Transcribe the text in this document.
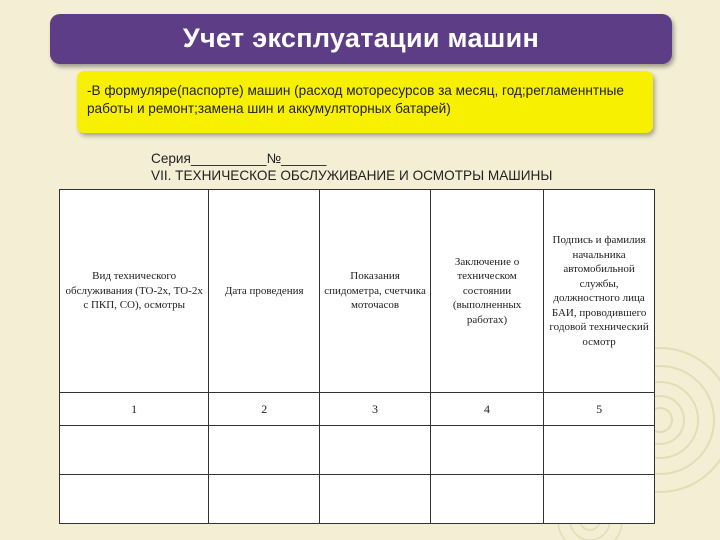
Учет эксплуатации машин
-В формуляре(паспорте) машин (расход моторесурсов за месяц, год;регламеннтные работы и ремонт;замена шин и аккумуляторных батарей)
Серия__________№______
VII. ТЕХНИЧЕСКОЕ ОБСЛУЖИВАНИЕ И ОСМОТРЫ МАШИНЫ
Вид технического обслуживания (ТО-2х, ТО-2х с ПКП, СО), осмотры	Дата проведения	Показания спидометра, счетчика моточасов	Заключение о техническом состоянии (выполненных работах)	Подпись и фамилия начальника автомобильной службы, должностного лица БАИ, проводившего годовой технический осмотр
1	2	3	4	5
